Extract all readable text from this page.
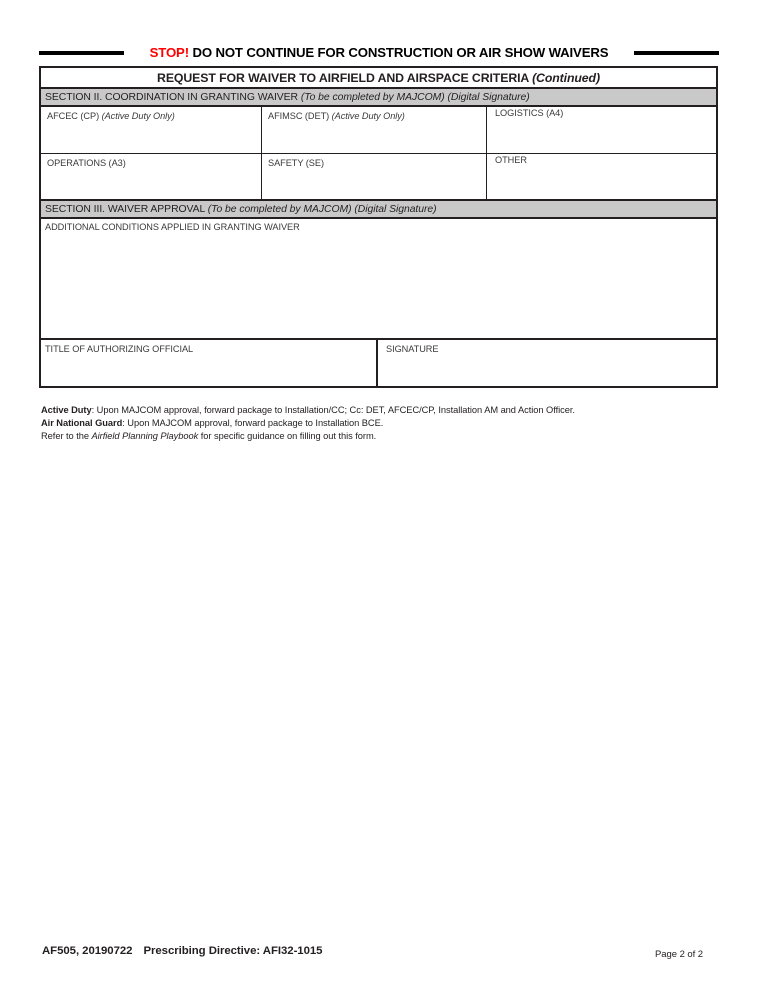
STOP! DO NOT CONTINUE FOR CONSTRUCTION OR AIR SHOW WAIVERS
REQUEST FOR WAIVER TO AIRFIELD AND AIRSPACE CRITERIA (Continued)
SECTION II. COORDINATION IN GRANTING WAIVER (To be completed by MAJCOM) (Digital Signature)
AFCEC (CP) (Active Duty Only)	AFIMSC (DET) (Active Duty Only)	LOGISTICS (A4)
OPERATIONS (A3)	SAFETY (SE)	OTHER
SECTION III. WAIVER APPROVAL (To be completed by MAJCOM) (Digital Signature)
ADDITIONAL CONDITIONS APPLIED IN GRANTING WAIVER
TITLE OF AUTHORIZING OFFICIAL	SIGNATURE
Active Duty: Upon MAJCOM approval, forward package to Installation/CC; Cc: DET, AFCEC/CP, Installation AM and Action Officer.
Air National Guard: Upon MAJCOM approval, forward package to Installation BCE.
Refer to the Airfield Planning Playbook for specific guidance on filling out this form.
AF505, 20190722 Prescribing Directive: AFI32-1015	Page 2 of 2
